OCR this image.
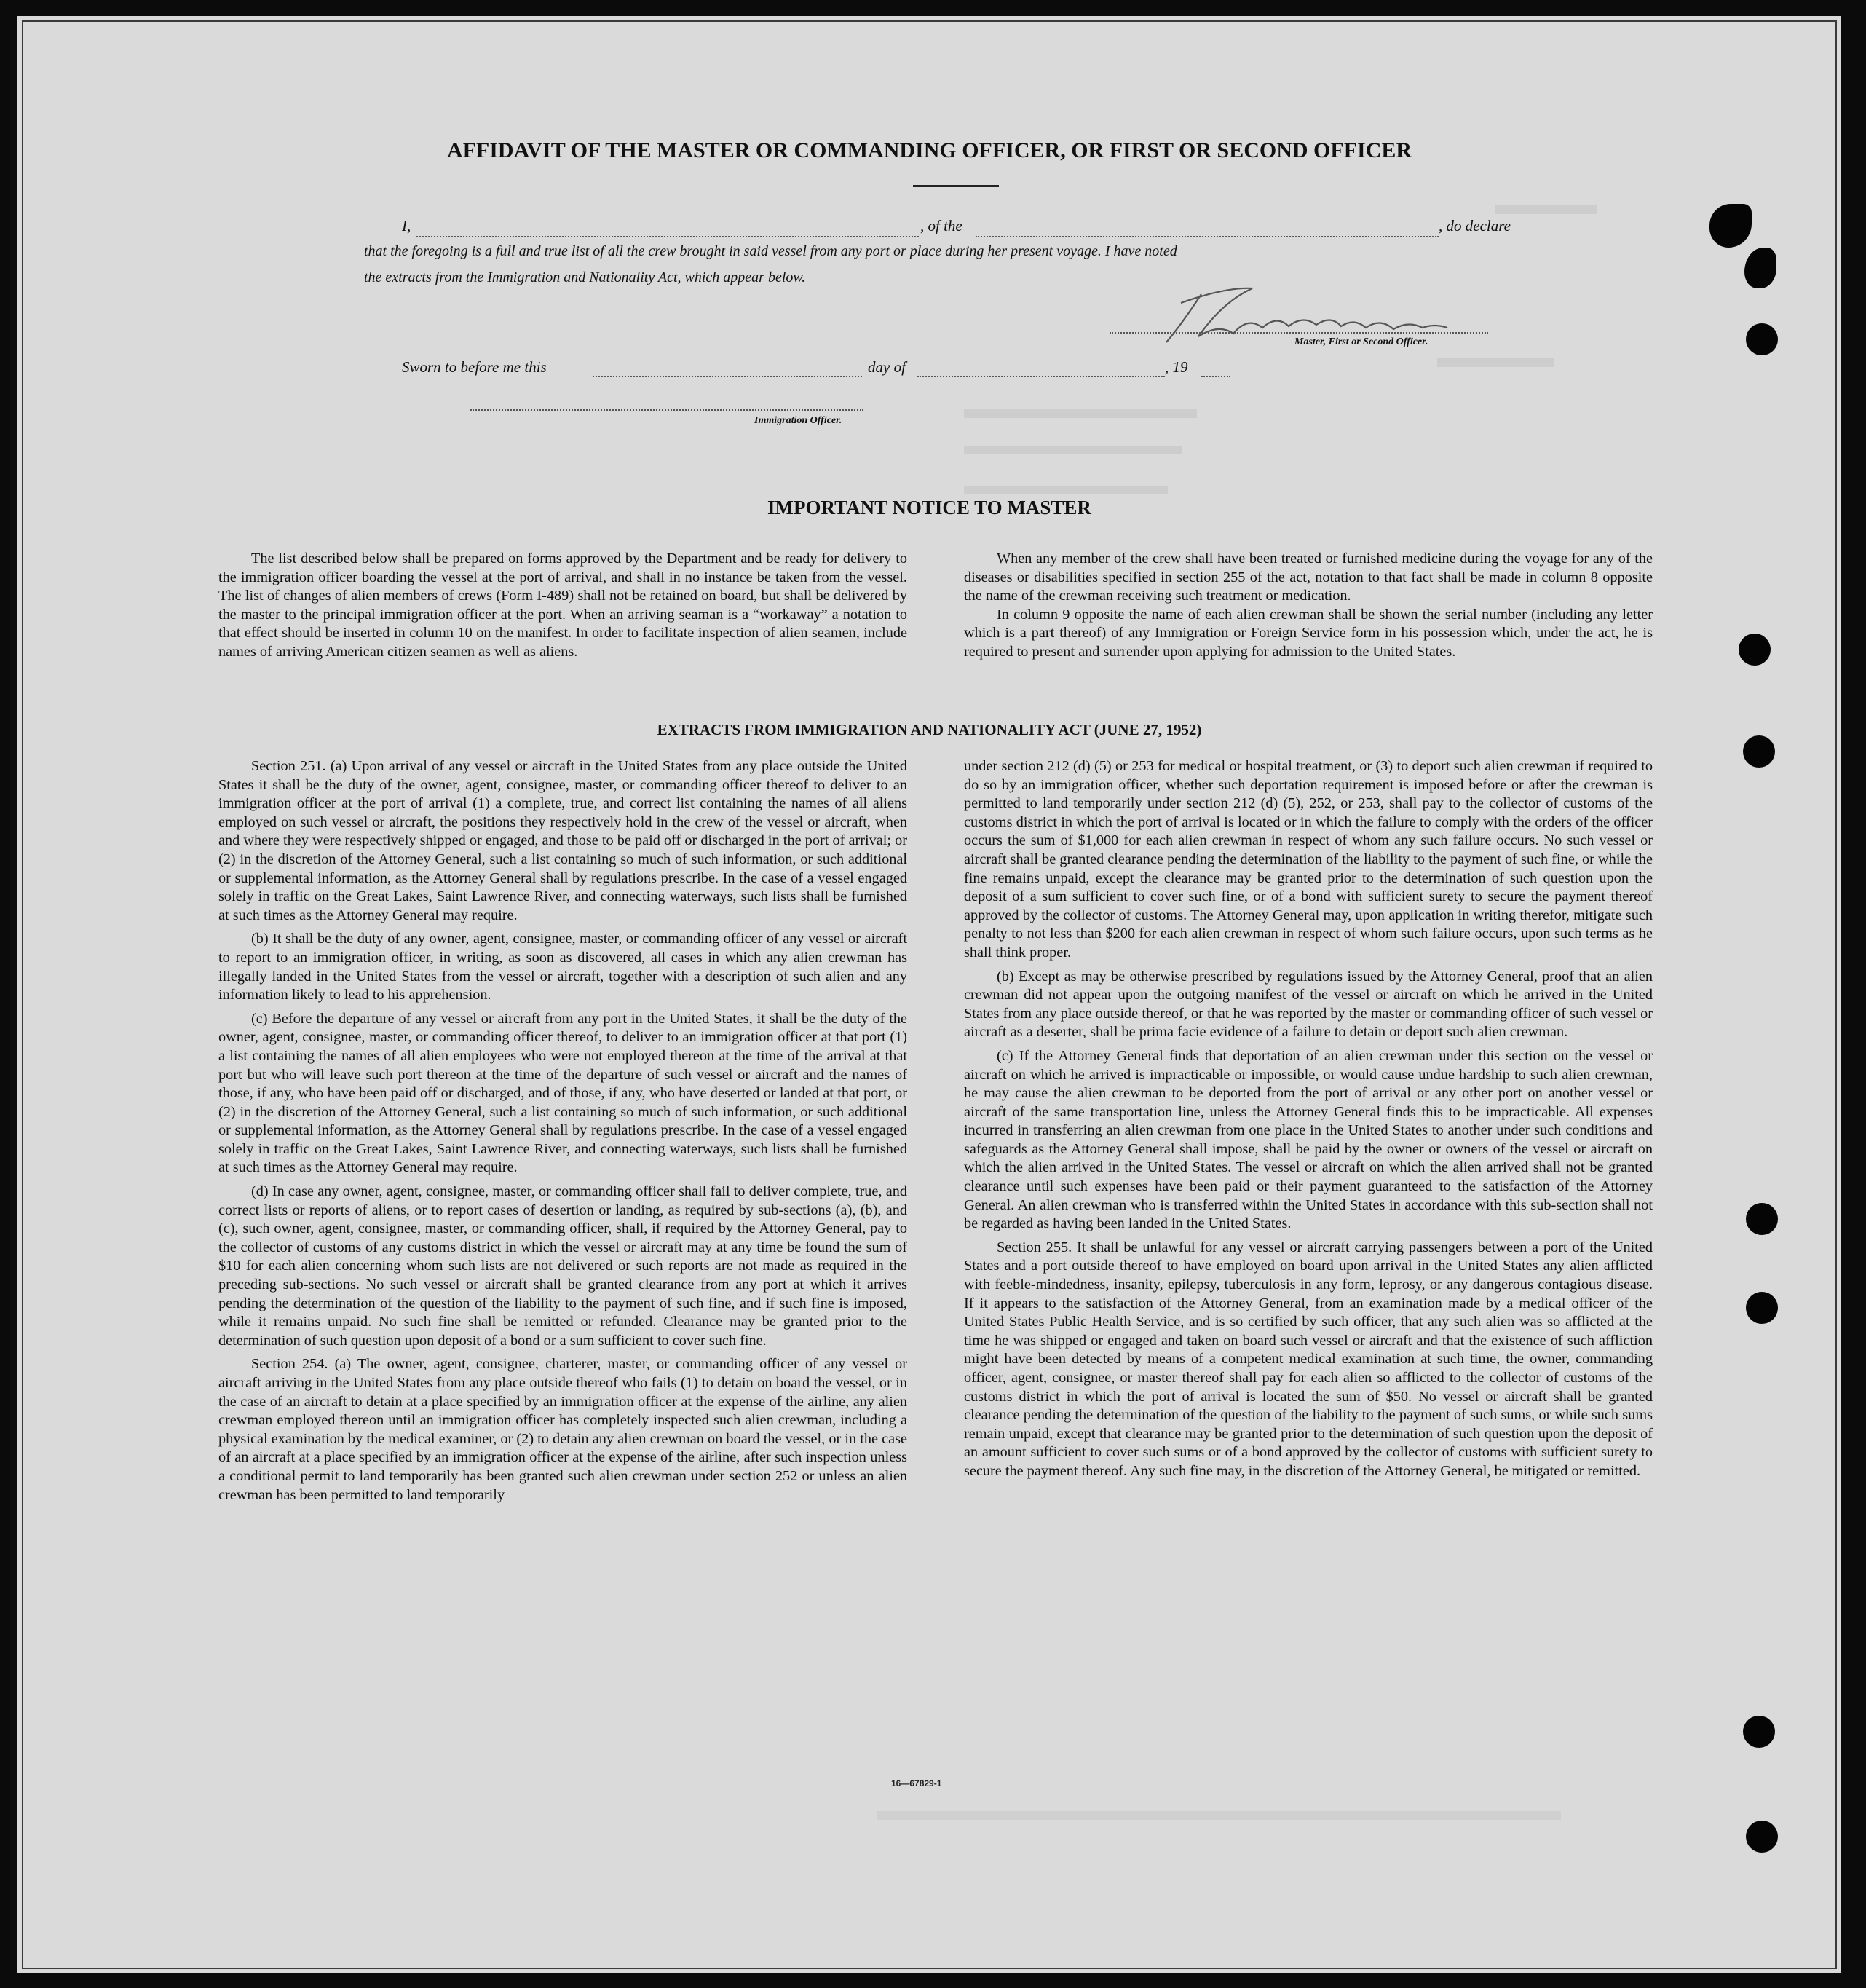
AFFIDAVIT OF THE MASTER OR COMMANDING OFFICER, OR FIRST OR SECOND OFFICER
I,	, of the	, do declare
that the foregoing is a full and true list of all the crew brought in said vessel from any port or place during her present voyage. I have noted
the extracts from the Immigration and Nationality Act, which appear below.
Master, First or Second Officer.
Sworn to before me this	day of	, 19
Immigration Officer.
IMPORTANT NOTICE TO MASTER

The list described below shall be prepared on forms approved by the Department and be ready for delivery to the immigration officer boarding the vessel at the port of arrival, and shall in no instance be taken from the vessel. The list of changes of alien members of crews (Form I-489) shall not be retained on board, but shall be delivered by the master to the principal immigration officer at the port. When an arriving seaman is a “workaway” a notation to that effect should be inserted in column 10 on the manifest. In order to facilitate inspection of alien seamen, include names of arriving American citizen seamen as well as aliens.

When any member of the crew shall have been treated or furnished medicine during the voyage for any of the diseases or disabilities specified in section 255 of the act, notation to that fact shall be made in column 8 opposite the name of the crewman receiving such treatment or medication.

In column 9 opposite the name of each alien crewman shall be shown the serial number (including any letter which is a part thereof) of any Immigration or Foreign Service form in his possession which, under the act, he is required to present and surrender upon applying for admission to the United States.

EXTRACTS FROM IMMIGRATION AND NATIONALITY ACT (JUNE 27, 1952)

Section 251. (a) Upon arrival of any vessel or aircraft in the United States from any place outside the United States it shall be the duty of the owner, agent, consignee, master, or commanding officer thereof to deliver to an immigration officer at the port of arrival (1) a complete, true, and correct list containing the names of all aliens employed on such vessel or aircraft, the positions they respectively hold in the crew of the vessel or aircraft, when and where they were respectively shipped or engaged, and those to be paid off or discharged in the port of arrival; or (2) in the discretion of the Attorney General, such a list containing so much of such information, or such additional or supplemental information, as the Attorney General shall by regulations prescribe. In the case of a vessel engaged solely in traffic on the Great Lakes, Saint Lawrence River, and connecting waterways, such lists shall be furnished at such times as the Attorney General may require.

(b) It shall be the duty of any owner, agent, consignee, master, or commanding officer of any vessel or aircraft to report to an immigration officer, in writing, as soon as discovered, all cases in which any alien crewman has illegally landed in the United States from the vessel or aircraft, together with a description of such alien and any information likely to lead to his apprehension.

(c) Before the departure of any vessel or aircraft from any port in the United States, it shall be the duty of the owner, agent, consignee, master, or commanding officer thereof, to deliver to an immigration officer at that port (1) a list containing the names of all alien employees who were not employed thereon at the time of the arrival at that port but who will leave such port thereon at the time of the departure of such vessel or aircraft and the names of those, if any, who have been paid off or discharged, and of those, if any, who have deserted or landed at that port, or (2) in the discretion of the Attorney General, such a list containing so much of such information, or such additional or supplemental information, as the Attorney General shall by regulations prescribe. In the case of a vessel engaged solely in traffic on the Great Lakes, Saint Lawrence River, and connecting waterways, such lists shall be furnished at such times as the Attorney General may require.

(d) In case any owner, agent, consignee, master, or commanding officer shall fail to deliver complete, true, and correct lists or reports of aliens, or to report cases of desertion or landing, as required by sub-sections (a), (b), and (c), such owner, agent, consignee, master, or commanding officer, shall, if required by the Attorney General, pay to the collector of customs of any customs district in which the vessel or aircraft may at any time be found the sum of $10 for each alien concerning whom such lists are not delivered or such reports are not made as required in the preceding sub-sections. No such vessel or aircraft shall be granted clearance from any port at which it arrives pending the determination of the question of the liability to the payment of such fine, and if such fine is imposed, while it remains unpaid. No such fine shall be remitted or refunded. Clearance may be granted prior to the determination of such question upon deposit of a bond or a sum sufficient to cover such fine.

Section 254. (a) The owner, agent, consignee, charterer, master, or commanding officer of any vessel or aircraft arriving in the United States from any place outside thereof who fails (1) to detain on board the vessel, or in the case of an aircraft to detain at a place specified by an immigration officer at the expense of the airline, any alien crewman employed thereon until an immigration officer has completely inspected such alien crewman, including a physical examination by the medical examiner, or (2) to detain any alien crewman on board the vessel, or in the case of an aircraft at a place specified by an immigration officer at the expense of the airline, after such inspection unless a conditional permit to land temporarily has been granted such alien crewman under section 252 or unless an alien crewman has been permitted to land temporarily

under section 212 (d) (5) or 253 for medical or hospital treatment, or (3) to deport such alien crewman if required to do so by an immigration officer, whether such deportation requirement is imposed before or after the crewman is permitted to land temporarily under section 212 (d) (5), 252, or 253, shall pay to the collector of customs of the customs district in which the port of arrival is located or in which the failure to comply with the orders of the officer occurs the sum of $1,000 for each alien crewman in respect of whom any such failure occurs. No such vessel or aircraft shall be granted clearance pending the determination of the liability to the payment of such fine, or while the fine remains unpaid, except the clearance may be granted prior to the determination of such question upon the deposit of a sum sufficient to cover such fine, or of a bond with sufficient surety to secure the payment thereof approved by the collector of customs. The Attorney General may, upon application in writing therefor, mitigate such penalty to not less than $200 for each alien crewman in respect of whom such failure occurs, upon such terms as he shall think proper.

(b) Except as may be otherwise prescribed by regulations issued by the Attorney General, proof that an alien crewman did not appear upon the outgoing manifest of the vessel or aircraft on which he arrived in the United States from any place outside thereof, or that he was reported by the master or commanding officer of such vessel or aircraft as a deserter, shall be prima facie evidence of a failure to detain or deport such alien crewman.

(c) If the Attorney General finds that deportation of an alien crewman under this section on the vessel or aircraft on which he arrived is impracticable or impossible, or would cause undue hardship to such alien crewman, he may cause the alien crewman to be deported from the port of arrival or any other port on another vessel or aircraft of the same transportation line, unless the Attorney General finds this to be impracticable. All expenses incurred in transferring an alien crewman from one place in the United States to another under such conditions and safeguards as the Attorney General shall impose, shall be paid by the owner or owners of the vessel or aircraft on which the alien arrived in the United States. The vessel or aircraft on which the alien arrived shall not be granted clearance until such expenses have been paid or their payment guaranteed to the satisfaction of the Attorney General. An alien crewman who is transferred within the United States in accordance with this sub-section shall not be regarded as having been landed in the United States.

Section 255. It shall be unlawful for any vessel or aircraft carrying passengers between a port of the United States and a port outside thereof to have employed on board upon arrival in the United States any alien afflicted with feeble-mindedness, insanity, epilepsy, tuberculosis in any form, leprosy, or any dangerous contagious disease. If it appears to the satisfaction of the Attorney General, from an examination made by a medical officer of the United States Public Health Service, and is so certified by such officer, that any such alien was so afflicted at the time he was shipped or engaged and taken on board such vessel or aircraft and that the existence of such affliction might have been detected by means of a competent medical examination at such time, the owner, commanding officer, agent, consignee, or master thereof shall pay for each alien so afflicted to the collector of customs of the customs district in which the port of arrival is located the sum of $50. No vessel or aircraft shall be granted clearance pending the determination of the question of the liability to the payment of such sums, or while such sums remain unpaid, except that clearance may be granted prior to the determination of such question upon the deposit of an amount sufficient to cover such sums or of a bond approved by the collector of customs with sufficient surety to secure the payment thereof. Any such fine may, in the discretion of the Attorney General, be mitigated or remitted.

16—67829-1
